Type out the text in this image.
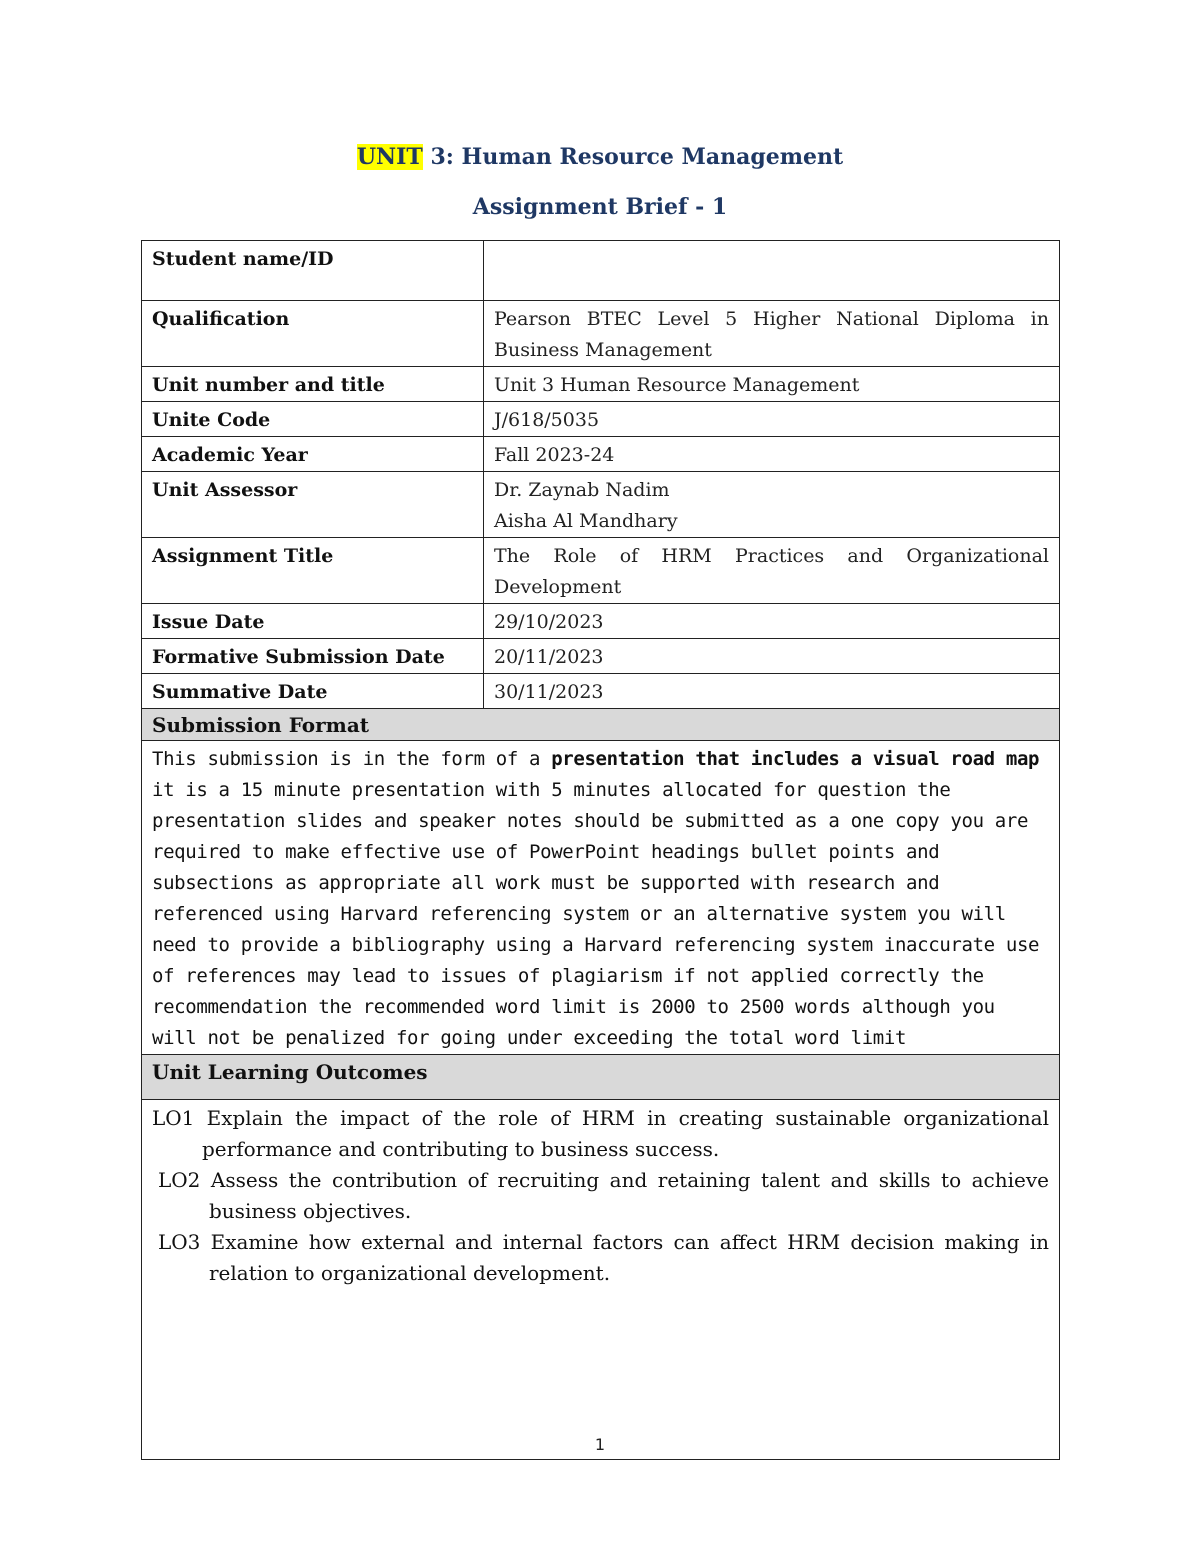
UNIT 3: Human Resource Management
Assignment Brief - 1
Student name/ID	
Qualification	Pearson BTEC Level 5 Higher National Diploma in Business Management
Unit number and title	Unit 3 Human Resource Management
Unite Code	J/618/5035
Academic Year	Fall 2023-24
Unit Assessor	Dr. Zaynab Nadim
Aisha Al Mandhary

Assignment Title	The Role of HRM Practices and Organizational Development
Issue Date	29/10/2023
Formative Submission Date	20/11/2023
Summative Date	30/11/2023
Submission Format	
This submission is in the form of a presentation that includes a visual road map it is a 15 minute presentation with 5 minutes allocated for question the presentation slides and speaker notes should be submitted as a one copy you are required to make effective use of PowerPoint headings bullet points and subsections as appropriate all work must be supported with research and referenced using Harvard referencing system or an alternative system you will need to provide a bibliography using a Harvard referencing system inaccurate use of references may lead to issues of plagiarism if not applied correctly the recommendation the recommended word limit is 2000 to 2500 words although you will not be penalized for going under exceeding the total word limit	
Unit Learning Outcomes	

LO1 Explain the impact of the role of HRM in creating sustainable organizational performance and contributing to business success.
LO2 Assess the contribution of recruiting and retaining talent and skills to achieve business objectives.
LO3 Examine how external and internal factors can affect HRM decision making in relation to organizational development.	
1
